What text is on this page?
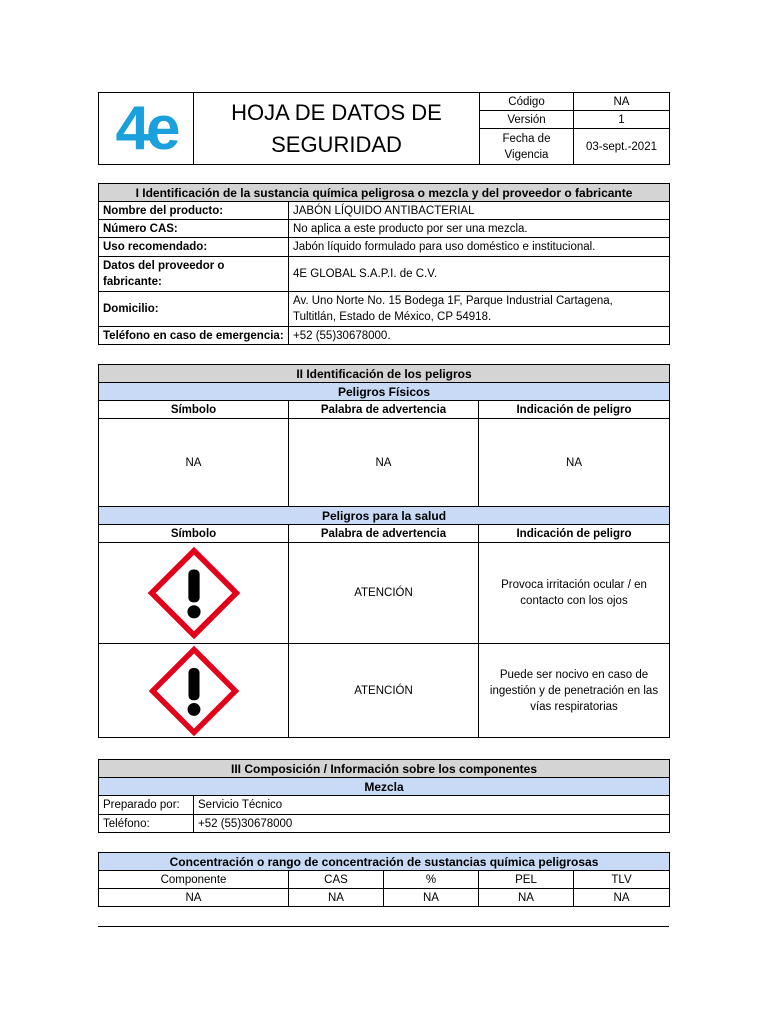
4e	HOJA DE DATOS DE
SEGURIDAD	Código	NA
		Versión	1

		Fecha de
Vigencia	03-sept.-2021
I Identificación de la sustancia química peligrosa o mezcla y del proveedor o fabricante	
Nombre del producto:	JABÓN LÍQUIDO ANTIBACTERIAL
Número CAS:	No aplica a este producto por ser una mezcla.
Uso recomendado:	Jabón líquido formulado para uso doméstico e institucional.

Datos del proveedor o
fabricante:	4E GLOBAL S.A.P.I. de C.V.
Domicilio:	Av. Uno Norte No. 15 Bodega 1F, Parque Industrial Cartagena,
Tultitlán, Estado de México, CP 54918.

Teléfono en caso de emergencia:	+52 (55)30678000.
II Identificación de los peligros		
Peligros Físicos		
Símbolo	Palabra de advertencia	Indicación de peligro
NA	NA	NA
Peligros para la salud		
Símbolo	Palabra de advertencia	Indicación de peligro

	ATENCIÓN	Provoca irritación ocular / en
contacto con los ojos

	ATENCIÓN	Puede ser nocivo en caso de
ingestión y de penetración en las
vías respiratorias
III Composición / Información sobre los componentes	
Mezcla	
Preparado por:	Servicio Técnico
Teléfono:	+52 (55)30678000
Concentración o rango de concentración de sustancias química peligrosas				
Componente	CAS	%	PEL	TLV
NA	NA	NA	NA	NA
